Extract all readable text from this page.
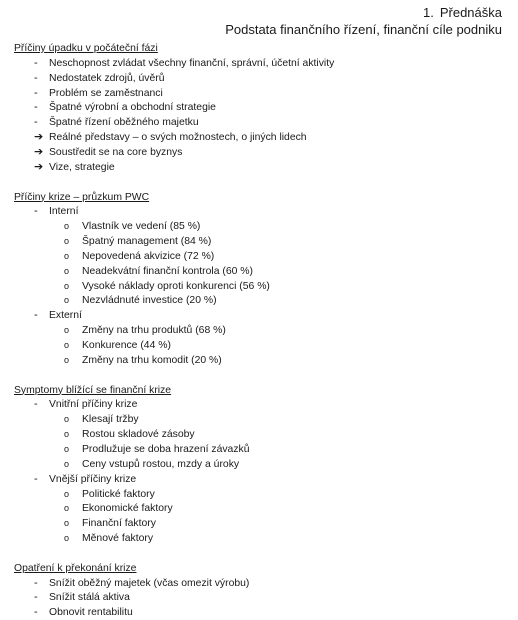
1. Přednáška
Podstata finančního řízení, finanční cíle podniku
Příčiny úpadku v počáteční fázi
- Neschopnost zvládat všechny finanční, správní, účetní aktivity
- Nedostatek zdrojů, úvěrů
- Problém se zaměstnanci
- Špatné výrobní a obchodní strategie
- Špatné řízení oběžného majetku
➔ Reálné představy – o svých možnostech, o jiných lidech
➔ Soustředit se na core byznys
➔ Vize, strategie
Příčiny krize – průzkum PWC
- Interní
o Vlastník ve vedení (85 %)
o Špatný management (84 %)
o Nepovedená akvizice (72 %)
o Neadekvátní finanční kontrola (60 %)
o Vysoké náklady oproti konkurenci (56 %)
o Nezvládnuté investice (20 %)
- Externí
o Změny na trhu produktů (68 %)
o Konkurence (44 %)
o Změny na trhu komodit (20 %)
Symptomy blížící se finanční krize
- Vnitřní příčiny krize
o Klesají tržby
o Rostou skladové zásoby
o Prodlužuje se doba hrazení závazků
o Ceny vstupů rostou, mzdy a úroky
- Vnější příčiny krize
o Politické faktory
o Ekonomické faktory
o Finanční faktory
o Měnové faktory
Opatření k překonání krize
- Snížit oběžný majetek (včas omezit výrobu)
- Snížit stálá aktiva
- Obnovit rentabilitu
